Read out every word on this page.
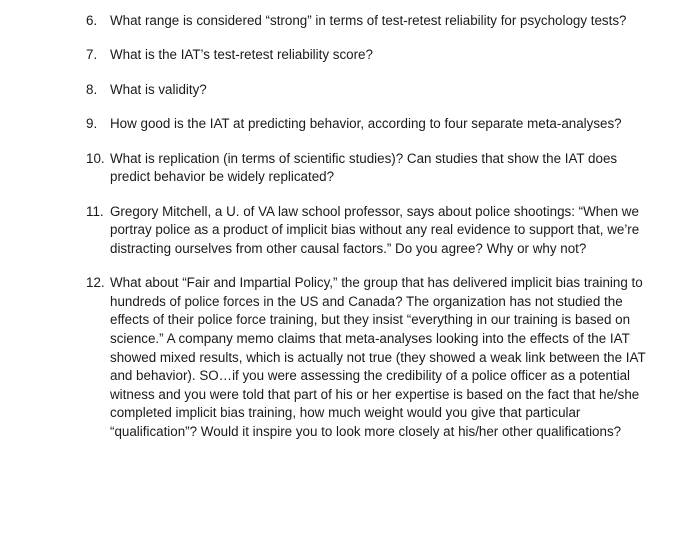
6. What range is considered “strong” in terms of test-retest reliability for psychology tests?
7. What is the IAT’s test-retest reliability score?
8. What is validity?
9. How good is the IAT at predicting behavior, according to four separate meta-analyses?
10. What is replication (in terms of scientific studies)? Can studies that show the IAT does predict behavior be widely replicated?
11. Gregory Mitchell, a U. of VA law school professor, says about police shootings: “When we portray police as a product of implicit bias without any real evidence to support that, we’re distracting ourselves from other causal factors.” Do you agree? Why or why not?
12. What about “Fair and Impartial Policy,” the group that has delivered implicit bias training to hundreds of police forces in the US and Canada? The organization has not studied the effects of their police force training, but they insist “everything in our training is based on science.” A company memo claims that meta-analyses looking into the effects of the IAT showed mixed results, which is actually not true (they showed a weak link between the IAT and behavior). SO…if you were assessing the credibility of a police officer as a potential witness and you were told that part of his or her expertise is based on the fact that he/she completed implicit bias training, how much weight would you give that particular “qualification”? Would it inspire you to look more closely at his/her other qualifications?
